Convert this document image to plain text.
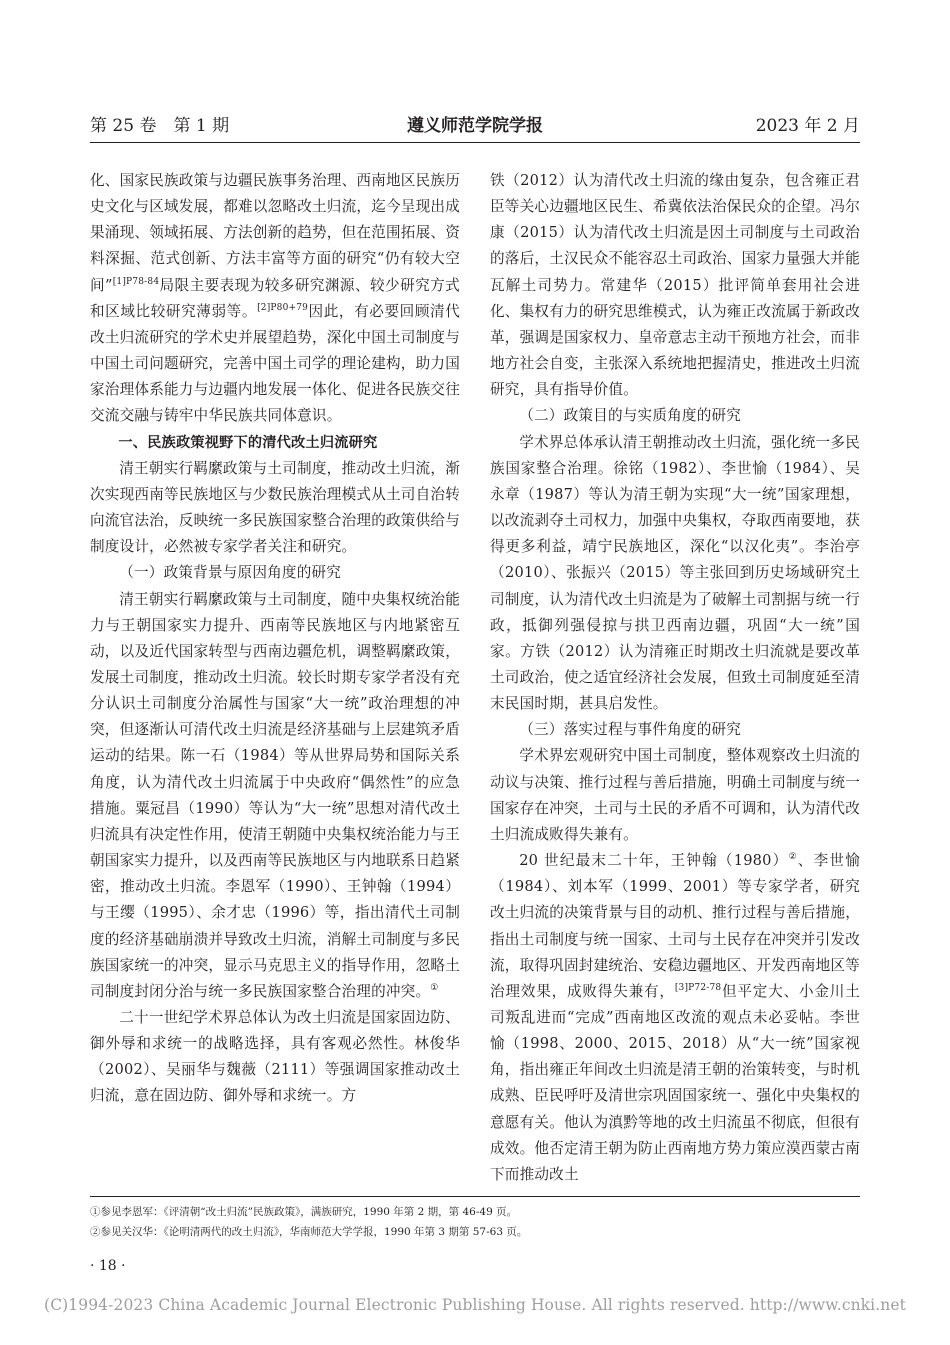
第 25 卷　第 1 期	遵义师范学院学报	2023 年 2 月

化、国家民族政策与边疆民族事务治理、西南地区民族历史文化与区域发展，都难以忽略改土归流，迄今呈现出成果涌现、领域拓展、方法创新的趋势，但在范围拓展、资料深掘、范式创新、方法丰富等方面的研究“仍有较大空间”$^{[1]P78-84}$局限主要表现为较多研究渊源、较少研究方式和区域比较研究薄弱等。$^{[2]P80+79}$因此，有必要回顾清代改土归流研究的学术史并展望趋势，深化中国土司制度与中国土司问题研究，完善中国土司学的理论建构，助力国家治理体系能力与边疆内地发展一体化、促进各民族交往交流交融与铸牢中华民族共同体意识。

一、民族政策视野下的清代改土归流研究

清王朝实行羁縻政策与土司制度，推动改土归流，渐次实现西南等民族地区与少数民族治理模式从土司自治转向流官法治，反映统一多民族国家整合治理的政策供给与制度设计，必然被专家学者关注和研究。

（一）政策背景与原因角度的研究

清王朝实行羁縻政策与土司制度，随中央集权统治能力与王朝国家实力提升、西南等民族地区与内地紧密互动，以及近代国家转型与西南边疆危机，调整羁縻政策，发展土司制度，推动改土归流。较长时期专家学者没有充分认识土司制度分治属性与国家“大一统”政治理想的冲突，但逐渐认可清代改土归流是经济基础与上层建筑矛盾运动的结果。陈一石（1984）等从世界局势和国际关系角度，认为清代改土归流属于中央政府“偶然性”的应急措施。粟冠昌（1990）等认为“大一统”思想对清代改土归流具有决定性作用，使清王朝随中央集权统治能力与王朝国家实力提升，以及西南等民族地区与内地联系日趋紧密，推动改土归流。李恩军（1990）、王钟翰（1994）与王缨（1995）、余才忠（1996）等，指出清代土司制度的经济基础崩溃并导致改土归流，消解土司制度与多民族国家统一的冲突，显示马克思主义的指导作用，忽略土司制度封闭分治与统一多民族国家整合治理的冲突。①

二十一世纪学术界总体认为改土归流是国家固边防、御外辱和求统一的战略选择，具有客观必然性。林俊华（2002）、吴丽华与魏薇（2111）等强调国家推动改土归流，意在固边防、御外辱和求统一。方

铁（2012）认为清代改土归流的缘由复杂，包含雍正君臣等关心边疆地区民生、希冀依法治保民众的企望。冯尔康（2015）认为清代改土归流是因土司制度与土司政治的落后，土汉民众不能容忍土司政治、国家力量强大并能瓦解土司势力。常建华（2015）批评简单套用社会进化、集权有力的研究思维模式，认为雍正改流属于新政改革，强调是国家权力、皇帝意志主动干预地方社会，而非地方社会自变，主张深入系统地把握清史，推进改土归流研究，具有指导价值。

（二）政策目的与实质角度的研究

学术界总体承认清王朝推动改土归流，强化统一多民族国家整合治理。徐铭（1982）、李世愉（1984）、吴永章（1987）等认为清王朝为实现“大一统”国家理想，以改流剥夺土司权力，加强中央集权，夺取西南要地，获得更多利益，靖宁民族地区，深化“以汉化夷”。李治亭（2010）、张振兴（2015）等主张回到历史场域研究土司制度，认为清代改土归流是为了破解土司割据与统一行政，抵御列强侵掠与拱卫西南边疆，巩固“大一统”国家。方铁（2012）认为清雍正时期改土归流就是要改革土司政治，使之适宜经济社会发展，但致土司制度延至清末民国时期，甚具启发性。

（三）落实过程与事件角度的研究

学术界宏观研究中国土司制度，整体观察改土归流的动议与决策、推行过程与善后措施，明确土司制度与统一国家存在冲突，土司与土民的矛盾不可调和，认为清代改土归流成败得失兼有。

20 世纪最末二十年，王钟翰（1980）②、李世愉（1984）、刘本军（1999、2001）等专家学者，研究改土归流的决策背景与目的动机、推行过程与善后措施，指出土司制度与统一国家、土司与土民存在冲突并引发改流，取得巩固封建统治、安稳边疆地区、开发西南地区等治理效果，成败得失兼有，$^{[3]P72-78}$但平定大、小金川土司叛乱进而“完成”西南地区改流的观点未必妥帖。李世愉（1998、2000、2015、2018）从“大一统”国家视角，指出雍正年间改土归流是清王朝的治策转变，与时机成熟、臣民呼吁及清世宗巩固国家统一、强化中央集权的意愿有关。他认为滇黔等地的改土归流虽不彻底，但很有成效。他否定清王朝为防止西南地方势力策应漠西蒙古南下而推动改土

①参见李恩军：《评清朝“改土归流”民族政策》，满族研究，1990 年第 2 期，第 46-49 页。
②参见关汉华：《论明清两代的改土归流》，华南师范大学学报，1990 年第 3 期第 57-63 页。
· 18 ·
(C)1994-2023 China Academic Journal Electronic Publishing House. All rights reserved. http://www.cnki.net
